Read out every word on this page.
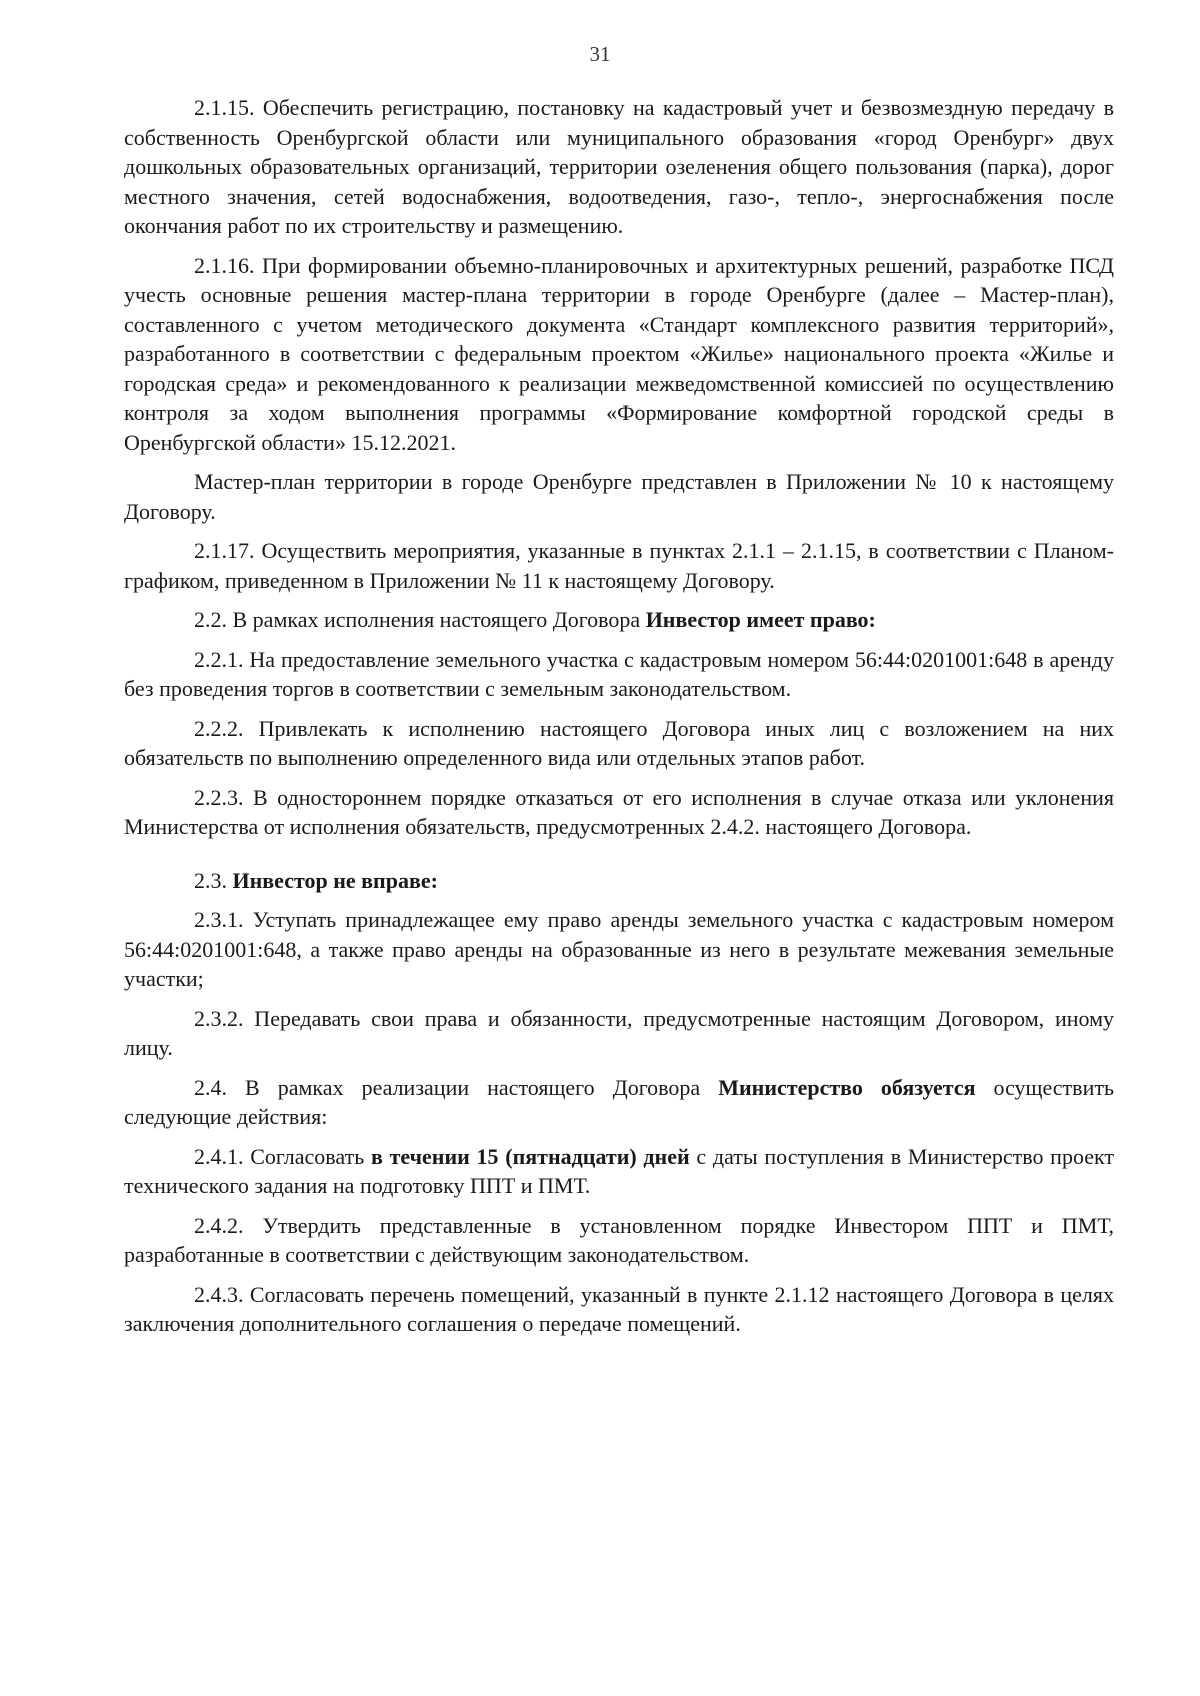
31

2.1.15. Обеспечить регистрацию, постановку на кадастровый учет и безвозмездную передачу в собственность Оренбургской области или муниципального образования «город Оренбург» двух дошкольных образовательных организаций, территории озеленения общего пользования (парка), дорог местного значения, сетей водоснабжения, водоотведения, газо-, тепло-, энергоснабжения после окончания работ по их строительству и размещению.

2.1.16. При формировании объемно-планировочных и архитектурных решений, разработке ПСД учесть основные решения мастер-плана территории в городе Оренбурге (далее – Мастер-план), составленного с учетом методического документа «Стандарт комплексного развития территорий», разработанного в соответствии с федеральным проектом «Жилье» национального проекта «Жилье и городская среда» и рекомендованного к реализации межведомственной комиссией по осуществлению контроля за ходом выполнения программы «Формирование комфортной городской среды в Оренбургской области» 15.12.2021.

Мастер-план территории в городе Оренбурге представлен в Приложении № 10 к настоящему Договору.

2.1.17. Осуществить мероприятия, указанные в пунктах 2.1.1 – 2.1.15, в соответствии с Планом-графиком, приведенном в Приложении № 11 к настоящему Договору.

2.2. В рамках исполнения настоящего Договора Инвестор имеет право:

2.2.1. На предоставление земельного участка с кадастровым номером 56:44:0201001:648 в аренду без проведения торгов в соответствии с земельным законодательством.

2.2.2. Привлекать к исполнению настоящего Договора иных лиц с возложением на них обязательств по выполнению определенного вида или отдельных этапов работ.

2.2.3. В одностороннем порядке отказаться от его исполнения в случае отказа или уклонения Министерства от исполнения обязательств, предусмотренных 2.4.2. настоящего Договора.

2.3. Инвестор не вправе:

2.3.1. Уступать принадлежащее ему право аренды земельного участка с кадастровым номером 56:44:0201001:648, а также право аренды на образованные из него в результате межевания земельные участки;

2.3.2. Передавать свои права и обязанности, предусмотренные настоящим Договором, иному лицу.

2.4. В рамках реализации настоящего Договора Министерство обязуется осуществить следующие действия:

2.4.1. Согласовать в течении 15 (пятнадцати) дней с даты поступления в Министерство проект технического задания на подготовку ППТ и ПМТ.

2.4.2. Утвердить представленные в установленном порядке Инвестором ППТ и ПМТ, разработанные в соответствии с действующим законодательством.

2.4.3. Согласовать перечень помещений, указанный в пункте 2.1.12 настоящего Договора в целях заключения дополнительного соглашения о передаче помещений.
